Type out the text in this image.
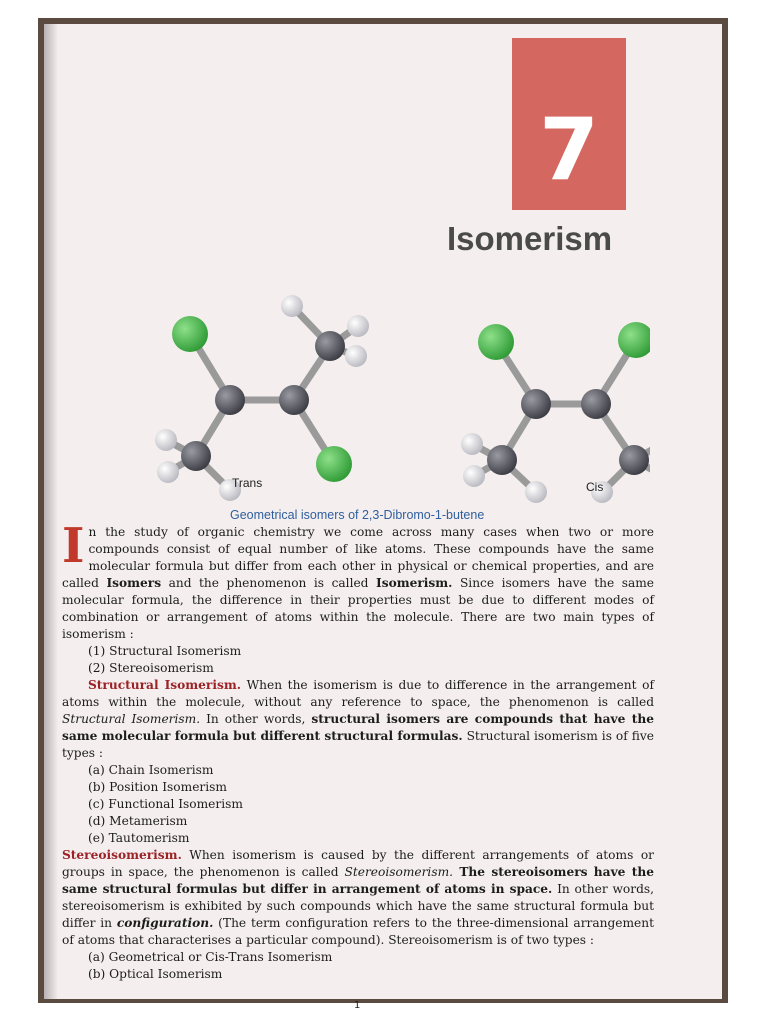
7
Isomerism
Trans	Cis
Geometrical isomers of 2,3-Dibromo-1-butene

In the study of organic chemistry we come across many cases when two or more compounds consist of equal number of like atoms. These compounds have the same molecular formula but differ from each other in physical or chemical properties, and are called Isomers and the phenomenon is called Isomerism. Since isomers have the same molecular formula, the difference in their properties must be due to different modes of combination or arrangement of atoms within the molecule. There are two main types of isomerism :

(1) Structural Isomerism
(2) Stereoisomerism

Structural Isomerism. When the isomerism is due to difference in the arrangement of atoms within the molecule, without any reference to space, the phenomenon is called Structural Isomerism. In other words, structural isomers are compounds that have the same molecular formula but different structural formulas. Structural isomerism is of five types :

(a) Chain Isomerism
(b) Position Isomerism
(c) Functional Isomerism
(d) Metamerism
(e) Tautomerism

Stereoisomerism. When isomerism is caused by the different arrangements of atoms or groups in space, the phenomenon is called Stereoisomerism. The stereoisomers have the same structural formulas but differ in arrangement of atoms in space. In other words, stereoisomerism is exhibited by such compounds which have the same structural formula but differ in configuration. (The term configuration refers to the three-dimensional arrangement of atoms that characterises a particular compound). Stereoisomerism is of two types :

(a) Geometrical or Cis-Trans Isomerism
(b) Optical Isomerism
1
